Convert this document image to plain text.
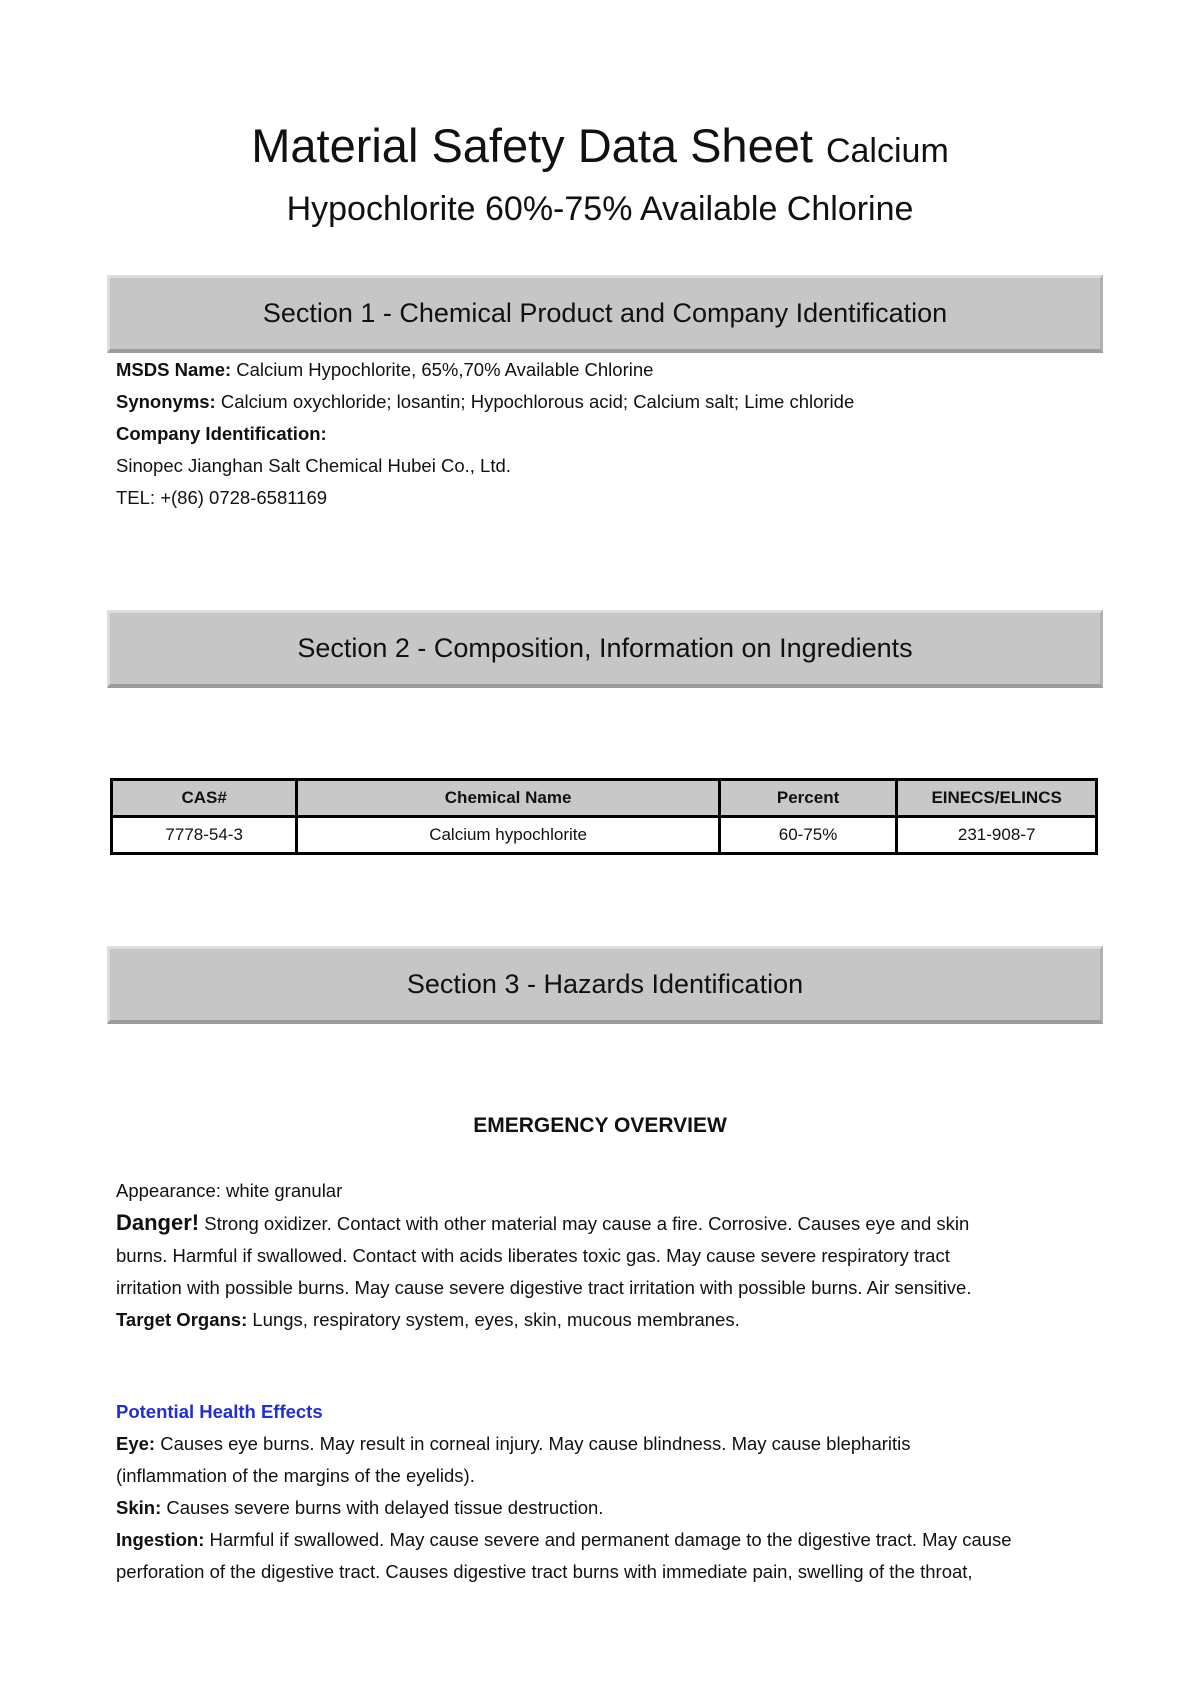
Material Safety Data Sheet Calcium
Hypochlorite 60%-75% Available Chlorine
Section 1 - Chemical Product and Company Identification

MSDS Name: Calcium Hypochlorite, 65%,70% Available Chlorine

Synonyms: Calcium oxychloride; losantin; Hypochlorous acid; Calcium salt; Lime chloride

Company Identification:

Sinopec Jianghan Salt Chemical Hubei Co., Ltd.

TEL: +(86) 0728-6581169

Section 2 - Composition, Information on Ingredients
CAS#	Chemical Name	Percent	EINECS/ELINCS
7778-54-3	Calcium hypochlorite	60-75%	231-908-7
Section 3 - Hazards Identification

EMERGENCY OVERVIEW

Appearance: white granular

Danger! Strong oxidizer. Contact with other material may cause a fire. Corrosive. Causes eye and skin

burns. Harmful if swallowed. Contact with acids liberates toxic gas. May cause severe respiratory tract

irritation with possible burns. May cause severe digestive tract irritation with possible burns. Air sensitive.

Target Organs: Lungs, respiratory system, eyes, skin, mucous membranes.

Potential Health Effects

Eye: Causes eye burns. May result in corneal injury. May cause blindness. May cause blepharitis

(inflammation of the margins of the eyelids).

Skin: Causes severe burns with delayed tissue destruction.

Ingestion: Harmful if swallowed. May cause severe and permanent damage to the digestive tract. May cause

perforation of the digestive tract. Causes digestive tract burns with immediate pain, swelling of the throat,
